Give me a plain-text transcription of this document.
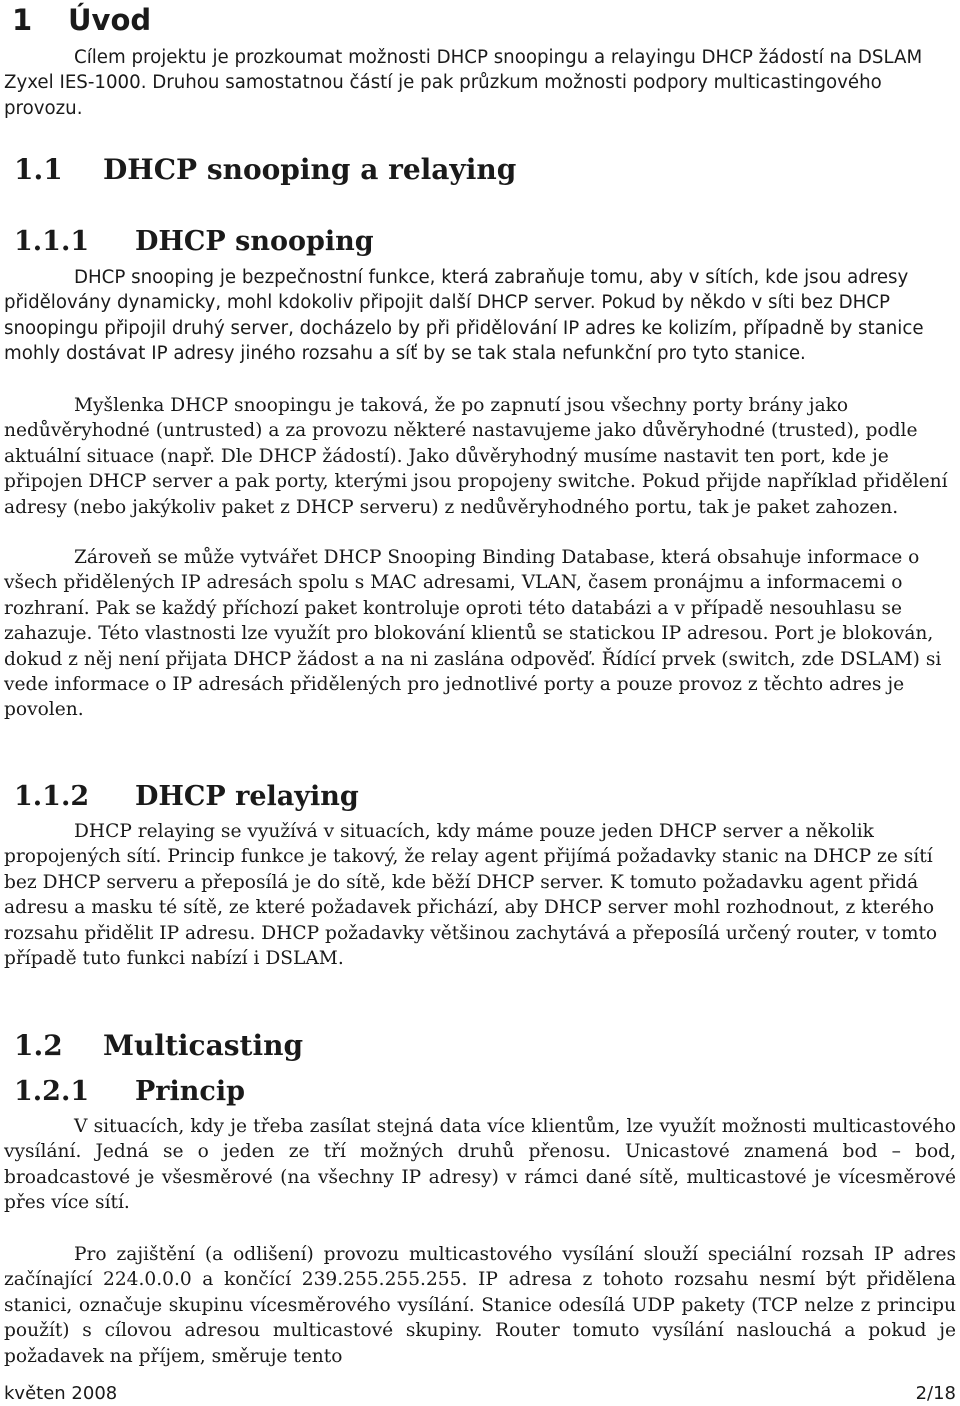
1 Úvod

Cílem projektu je prozkoumat možnosti DHCP snoopingu a relayingu DHCP žádostí na DSLAM Zyxel IES-1000. Druhou samostatnou částí je pak průzkum možnosti podpory multicastingového provozu.

1.1 DHCP snooping a relaying
1.1.1 DHCP snooping

DHCP snooping je bezpečnostní funkce, která zabraňuje tomu, aby v sítích, kde jsou adresy přidělovány dynamicky, mohl kdokoliv připojit další DHCP server. Pokud by někdo v síti bez DHCP snoopingu připojil druhý server, docházelo by při přidělování IP adres ke kolizím, případně by stanice mohly dostávat IP adresy jiného rozsahu a síť by se tak stala nefunkční pro tyto stanice.

Myšlenka DHCP snoopingu je taková, že po zapnutí jsou všechny porty brány jako nedůvěryhodné (untrusted) a za provozu některé nastavujeme jako důvěryhodné (trusted), podle aktuální situace (např. Dle DHCP žádostí). Jako důvěryhodný musíme nastavit ten port, kde je připojen DHCP server a pak porty, kterými jsou propojeny switche. Pokud přijde například přidělení adresy (nebo jakýkoliv paket z DHCP serveru) z nedůvěryhodného portu, tak je paket zahozen.

Zároveň se může vytvářet DHCP Snooping Binding Database, která obsahuje informace o všech přidělených IP adresách spolu s MAC adresami, VLAN, časem pronájmu a informacemi o rozhraní. Pak se každý příchozí paket kontroluje oproti této databázi a v případě nesouhlasu se zahazuje. Této vlastnosti lze využít pro blokování klientů se statickou IP adresou. Port je blokován, dokud z něj není přijata DHCP žádost a na ni zaslána odpověď. Řídící prvek (switch, zde DSLAM) si vede informace o IP adresách přidělených pro jednotlivé porty a pouze provoz z těchto adres je povolen.

1.1.2 DHCP relaying

DHCP relaying se využívá v situacích, kdy máme pouze jeden DHCP server a několik propojených sítí. Princip funkce je takový, že relay agent přijímá požadavky stanic na DHCP ze sítí bez DHCP serveru a přeposílá je do sítě, kde běží DHCP server. K tomuto požadavku agent přidá adresu a masku té sítě, ze které požadavek přichází, aby DHCP server mohl rozhodnout, z kterého rozsahu přidělit IP adresu. DHCP požadavky většinou zachytává a přeposílá určený router, v tomto případě tuto funkci nabízí i DSLAM.

1.2 Multicasting
1.2.1 Princip

V situacích, kdy je třeba zasílat stejná data více klientům, lze využít možnosti multicastového vysílání. Jedná se o jeden ze tří možných druhů přenosu. Unicastové znamená bod – bod, broadcastové je všesměrové (na všechny IP adresy) v rámci dané sítě, multicastové je vícesměrové přes více sítí.

Pro zajištění (a odlišení) provozu multicastového vysílání slouží speciální rozsah IP adres začínající 224.0.0.0 a končící 239.255.255.255. IP adresa z tohoto rozsahu nesmí být přidělena stanici, označuje skupinu vícesměrového vysílání. Stanice odesílá UDP pakety (TCP nelze z principu použít) s cílovou adresou multicastové skupiny. Router tomuto vysílání naslouchá a pokud je požadavek na příjem, směruje tento

květen 2008	2/18
